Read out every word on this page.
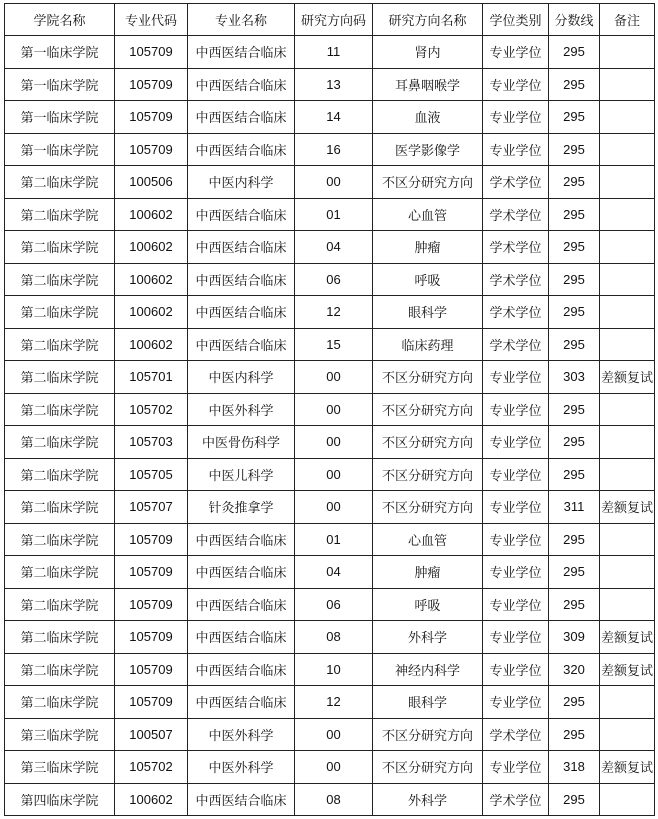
学院名称	专业代码	专业名称	研究方向码	研究方向名称	学位类别	分数线	备注
第一临床学院	105709	中西医结合临床	11	肾内	专业学位	295	
第一临床学院	105709	中西医结合临床	13	耳鼻咽喉学	专业学位	295	
第一临床学院	105709	中西医结合临床	14	血液	专业学位	295	
第一临床学院	105709	中西医结合临床	16	医学影像学	专业学位	295	
第二临床学院	100506	中医内科学	00	不区分研究方向	学术学位	295	
第二临床学院	100602	中西医结合临床	01	心血管	学术学位	295	
第二临床学院	100602	中西医结合临床	04	肿瘤	学术学位	295	
第二临床学院	100602	中西医结合临床	06	呼吸	学术学位	295	
第二临床学院	100602	中西医结合临床	12	眼科学	学术学位	295	
第二临床学院	100602	中西医结合临床	15	临床药理	学术学位	295	
第二临床学院	105701	中医内科学	00	不区分研究方向	专业学位	303	差额复试
第二临床学院	105702	中医外科学	00	不区分研究方向	专业学位	295	
第二临床学院	105703	中医骨伤科学	00	不区分研究方向	专业学位	295	
第二临床学院	105705	中医儿科学	00	不区分研究方向	专业学位	295	
第二临床学院	105707	针灸推拿学	00	不区分研究方向	专业学位	311	差额复试
第二临床学院	105709	中西医结合临床	01	心血管	专业学位	295	
第二临床学院	105709	中西医结合临床	04	肿瘤	专业学位	295	
第二临床学院	105709	中西医结合临床	06	呼吸	专业学位	295	
第二临床学院	105709	中西医结合临床	08	外科学	专业学位	309	差额复试
第二临床学院	105709	中西医结合临床	10	神经内科学	专业学位	320	差额复试
第二临床学院	105709	中西医结合临床	12	眼科学	专业学位	295	
第三临床学院	100507	中医外科学	00	不区分研究方向	学术学位	295	
第三临床学院	105702	中医外科学	00	不区分研究方向	专业学位	318	差额复试
第四临床学院	100602	中西医结合临床	08	外科学	学术学位	295	
